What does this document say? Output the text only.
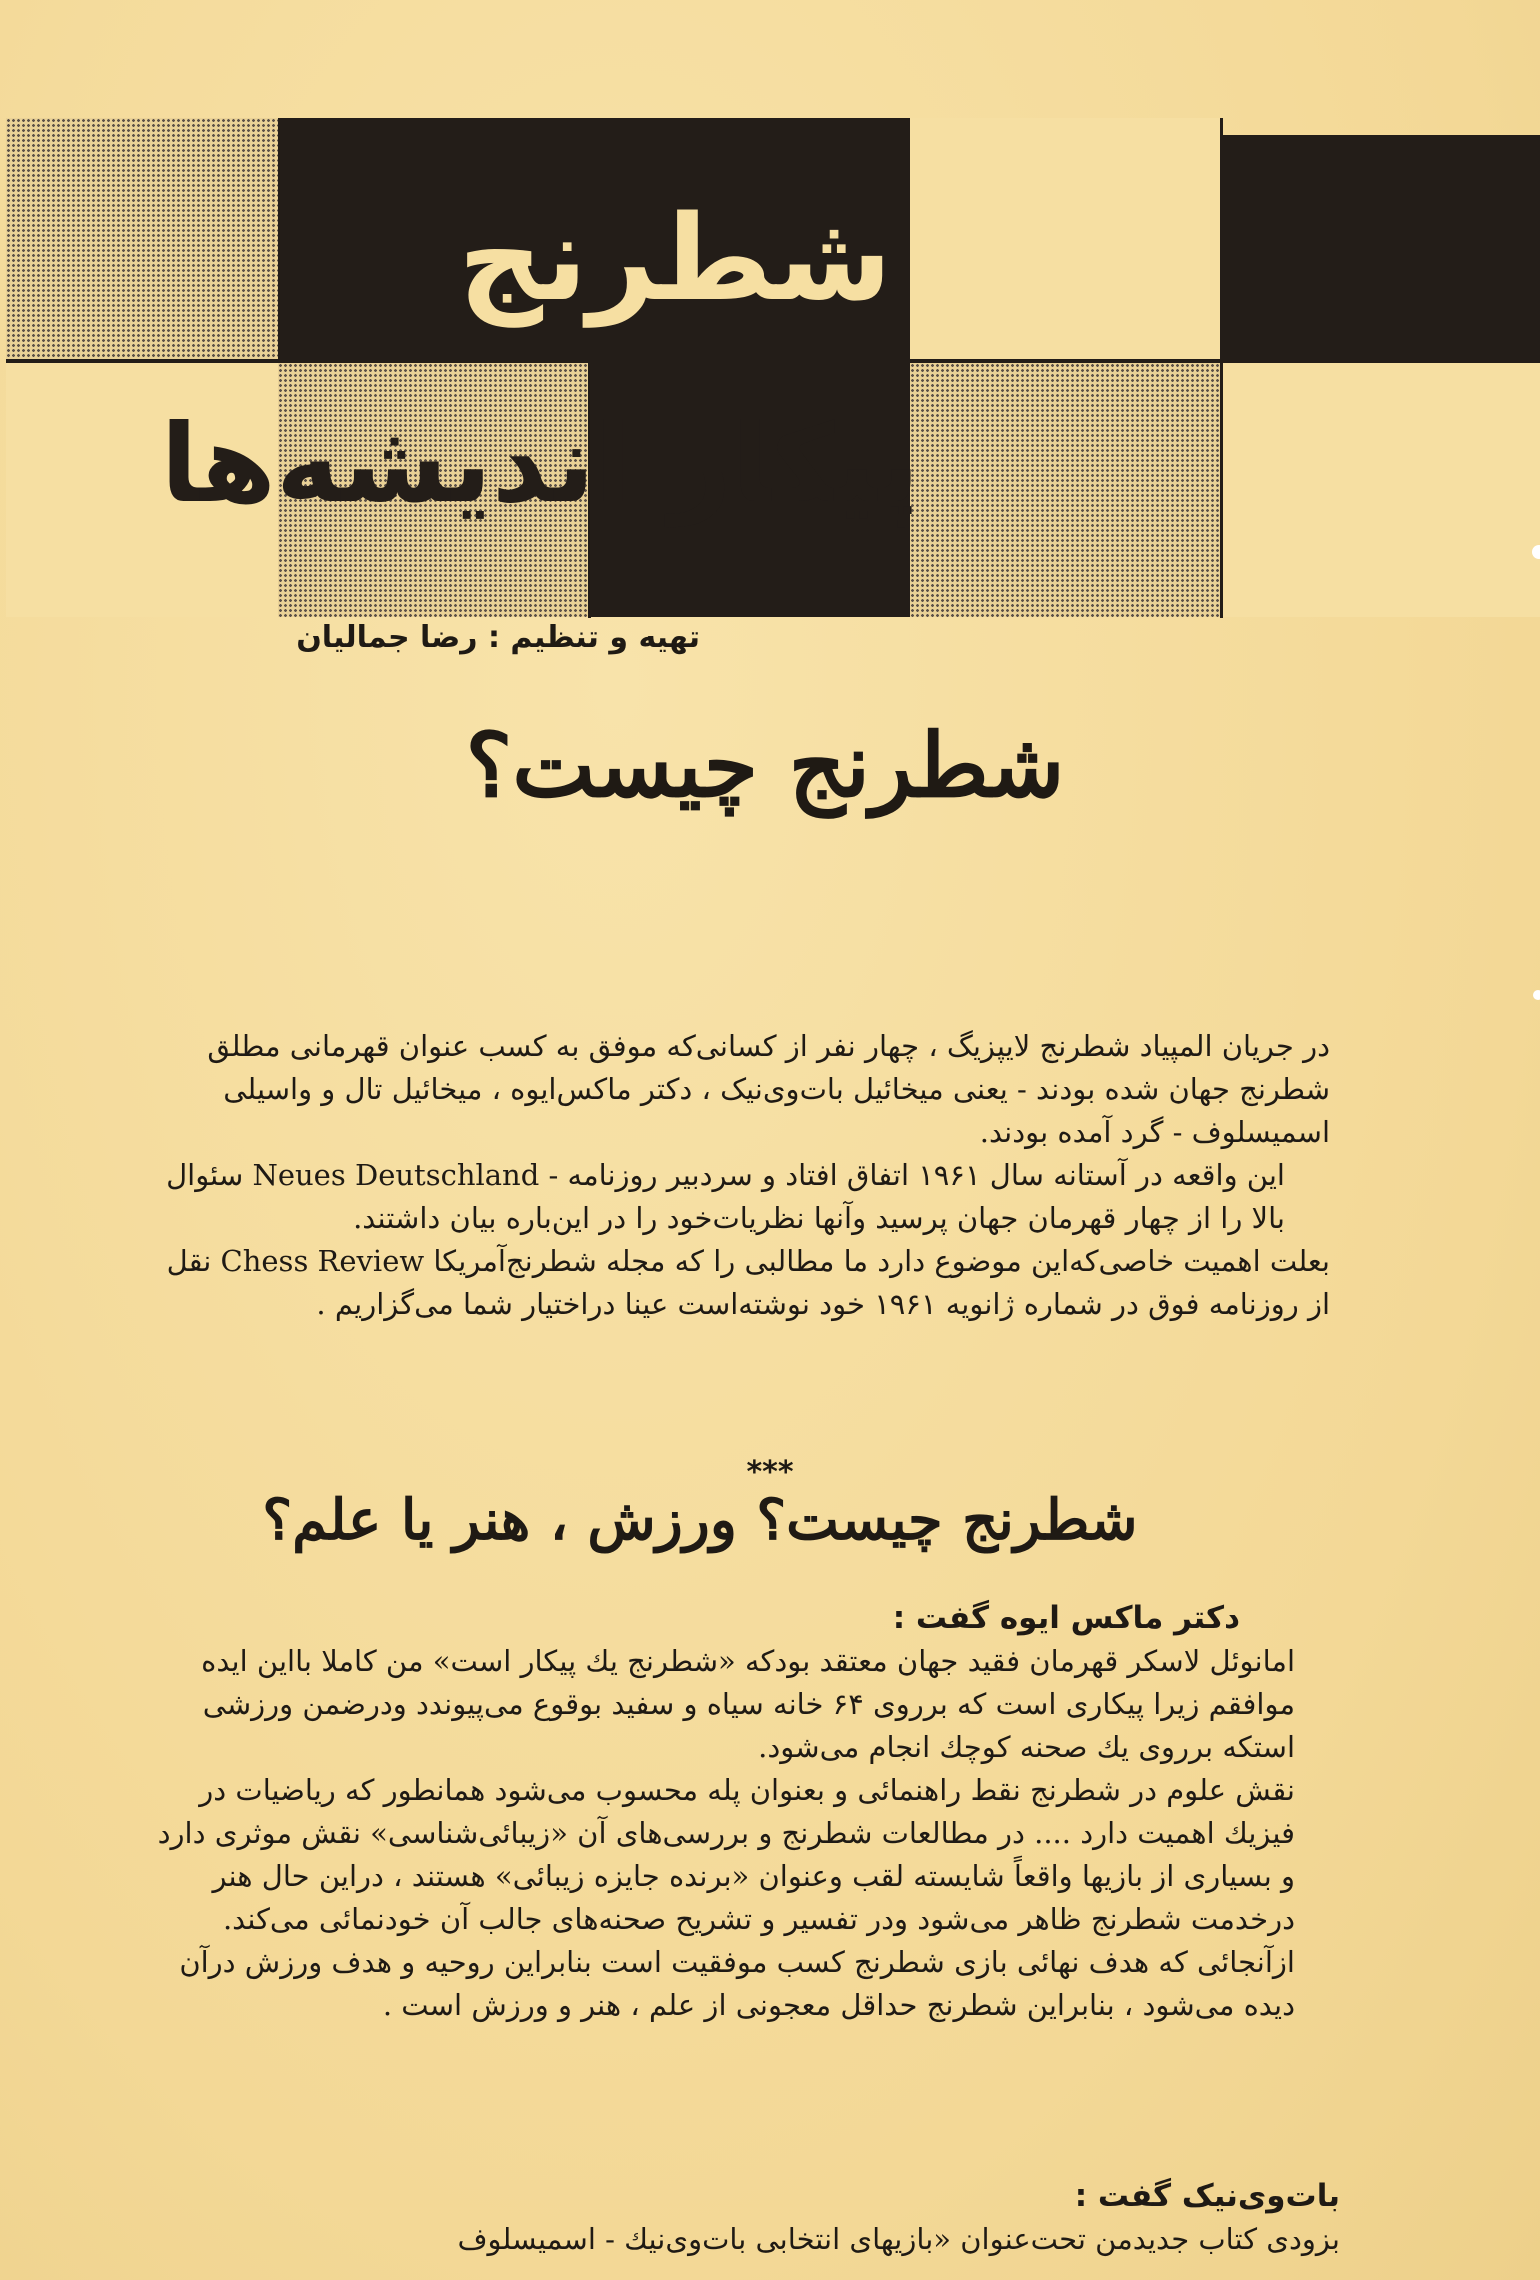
شطرنج
پیکار اندیشه‌ها
تهیه و تنظیم : رضا جمالیان
شطرنج چیست؟

در جریان المپیاد شطرنج لایپزیگ ، چهار نفر از کسانی‌که موفق به کسب عنوان قهرمانی مطلق شطرنج جهان شده بودند - یعنی میخائیل بات‌وی‌نیک ، دکتر ماکس‌ایوه ، میخائیل تال و واسیلی اسمیسلوف - گرد آمده بودند.

این واقعه در آستانه سال ۱۹۶۱ اتفاق افتاد و سردبیر روزنامه - Neues Deutschland سئوال بالا را از چهار قهرمان جهان پرسید وآنها نظریات‌خود را در این‌باره بیان داشتند.

بعلت اهمیت خاصی‌که‌این موضوع دارد ما مطالبی را که مجله شطرنج‌آمریکا Chess Review نقل از روزنامه فوق در شماره ژانویه ۱۹۶۱ خود نوشته‌است عینا دراختیار شما می‌گزاریم .

***
شطرنج چیست؟ ورزش ، هنر یا علم؟
دکتر ماکس ایوه گفت :

امانوئل لاسکر قهرمان فقید جهان معتقد بودکه «شطرنج یك پیکار است» من کاملا بااین ایده موافقم زیرا پیکاری است که برروی ۶۴ خانه سیاه و سفید بوقوع می‌پیوندد ودرضمن ورزشی استکه برروی یك صحنه کوچك انجام می‌شود.

نقش علوم در شطرنج نقط راهنمائی و بعنوان پله محسوب می‌شود همانطور که ریاضیات در فیزیك اهمیت دارد .... در مطالعات شطرنج و بررسی‌های آن «زیبائی‌شناسی» نقش موثری دارد و بسیاری از بازیها واقعاً شایسته لقب وعنوان «برنده جایزه زیبائی» هستند ، دراین حال هنر درخدمت شطرنج ظاهر می‌شود ودر تفسیر و تشریح صحنه‌های جالب آن خودنمائی می‌کند.

ازآنجائی که هدف نهائی بازی شطرنج کسب موفقیت است بنابراین روحیه و هدف ورزش درآن دیده می‌شود ، بنابراین شطرنج حداقل معجونی از علم ، هنر و ورزش است .

بات‌وی‌نیک گفت :

بزودی کتاب جدیدمن تحت‌عنوان «بازیهای انتخابی بات‌وی‌نیك - اسمیسلوف
